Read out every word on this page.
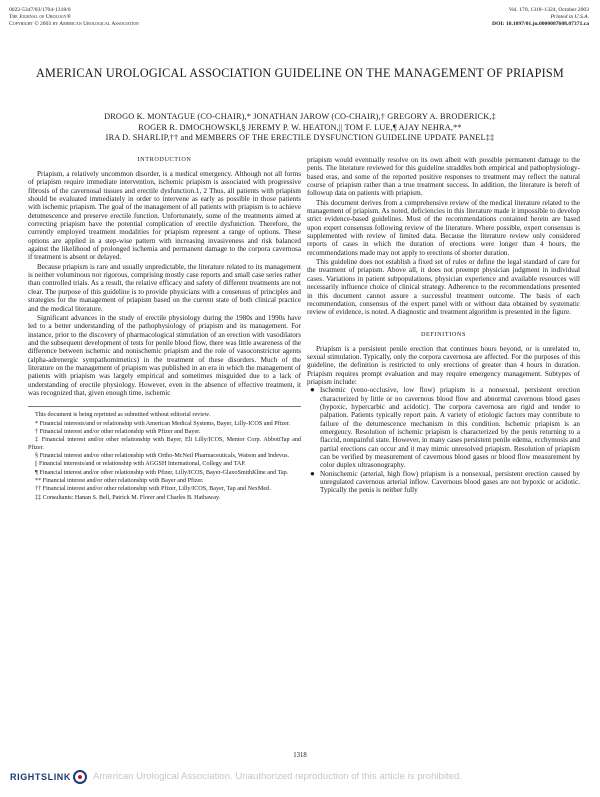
0022-5347/03/1704-1318/0
The Journal of Urology®
Copyright © 2003 by American Urological Association
Vol. 170, 1318–1324, October 2003
Printed in U.S.A.
DOI: 10.1097/01.ju.0000087608.07371.ca
AMERICAN UROLOGICAL ASSOCIATION GUIDELINE ON THE MANAGEMENT OF PRIAPISM
DROGO K. MONTAGUE (CO-CHAIR),* JONATHAN JAROW (CO-CHAIR),† GREGORY A. BRODERICK,‡
ROGER R. DMOCHOWSKI,§ JEREMY P. W. HEATON,|| TOM F. LUE,¶ AJAY NEHRA,**
IRA D. SHARLIP,†† and MEMBERS OF THE ERECTILE DYSFUNCTION GUIDELINE UPDATE PANEL‡‡
INTRODUCTION

Priapism, a relatively uncommon disorder, is a medical emergency. Although not all forms of priapism require immediate intervention, ischemic priapism is associated with progressive fibrosis of the cavernosal tissues and erectile dysfunction.1, 2 Thus, all patients with priapism should be evaluated immediately in order to intervene as early as possible in those patients with ischemic priapism. The goal of the management of all patients with priapism is to achieve detumescence and preserve erectile function. Unfortunately, some of the treatments aimed at correcting priapism have the potential complication of erectile dysfunction. Therefore, the currently employed treatment modalities for priapism represent a range of options. These options are applied in a step-wise pattern with increasing invasiveness and risk balanced against the likelihood of prolonged ischemia and permanent damage to the corpora cavernosa if treatment is absent or delayed.

Because priapism is rare and usually unpredictable, the literature related to its management is neither voluminous nor rigorous, comprising mostly case reports and small case series rather than controlled trials. As a result, the relative efficacy and safety of different treatments are not clear. The purpose of this guideline is to provide physicians with a consensus of principles and strategies for the management of priapism based on the current state of both clinical practice and the medical literature.

Significant advances in the study of erectile physiology during the 1980s and 1990s have led to a better understanding of the pathophysiology of priapism and its management. For instance, prior to the discovery of pharmacological stimulation of an erection with vasodilators and the subsequent development of tests for penile blood flow, there was little awareness of the difference between ischemic and nonischemic priapism and the role of vasoconstrictor agents (alpha-adrenergic sympathomimetics) in the treatment of these disorders. Much of the literature on the management of priapism was published in an era in which the management of patients with priapism was largely empirical and sometimes misguided due to a lack of understanding of erectile physiology. However, even in the absence of effective treatment, it was recognized that, given enough time, ischemic

This document is being reprinted as submitted without editorial review.

* Financial interests/and or relationship with American Medical Systems, Bayer, Lilly-ICOS and Pfizer.

† Financial interest and/or other relationship with Pfizer and Bayer.

‡ Financial interest and/or other relationship with Bayer, Eli Lilly/ICOS, Mentor Corp. AbbottTap and Pfizer.

§ Financial interest and/or other relationship with Ortho-McNeil Pharmaceuticals, Watson and Indevus.

|| Financial interests/and or relationship with AGGSH International, Collegy and TAP.

¶ Financial interest and/or other relationship with Pfizer, Lilly/ICOS, Bayer-GlaxoSmithKline and Tap.

** Financial interest and/or other relationship with Bayer and Pfizer.

†† Financial interest and/or other relationship with Pfizer, Lilly/ICOS, Bayer, Tap and NexMed.

‡‡ Consultants: Hanan S. Bell, Patrick M. Florer and Charles B. Hathaway.

priapism would eventually resolve on its own albeit with possible permanent damage to the penis. The literature reviewed for this guideline straddles both empirical and pathophysiology-based eras, and some of the reported positive responses to treatment may reflect the natural course of priapism rather than a true treatment success. In addition, the literature is bereft of followup data on patients with priapism.

This document derives from a comprehensive review of the medical literature related to the management of priapism. As noted, deficiencies in this literature made it impossible to develop strict evidence-based guidelines. Most of the recommendations contained herein are based upon expert consensus following review of the literature. Where possible, expert consensus is supplemented with review of limited data. Because the literature review only considered reports of cases in which the duration of erections were longer than 4 hours, the recommendations made may not apply to erections of shorter duration.

This guideline does not establish a fixed set of rules or define the legal standard of care for the treatment of priapism. Above all, it does not preempt physician judgment in individual cases. Variations in patient subpopulations, physician experience and available resources will necessarily influence choice of clinical strategy. Adherence to the recommendations presented in this document cannot assure a successful treatment outcome. The basis of each recommendation, consensus of the expert panel with or without data obtained by systematic review of evidence, is noted. A diagnostic and treatment algorithm is presented in the figure.

DEFINITIONS

Priapism is a persistent penile erection that continues hours beyond, or is unrelated to, sexual stimulation. Typically, only the corpora cavernosa are affected. For the purposes of this guideline, the definition is restricted to only erections of greater than 4 hours in duration. Priapism requires prompt evaluation and may require emergency management. Subtypes of priapism include:

● Ischemic (veno-occlusive, low flow) priapism is a nonsexual, persistent erection characterized by little or no cavernous blood flow and abnormal cavernous blood gases (hypoxic, hypercarbic and acidotic). The corpora cavernosa are rigid and tender to palpation. Patients typically report pain. A variety of etiologic factors may contribute to failure of the detumescence mechanism in this condition. Ischemic priapism is an emergency. Resolution of ischemic priapism is characterized by the penis returning to a flaccid, nonpainful state. However, in many cases persistent penile edema, ecchymosis and partial erections can occur and it may mimic unresolved priapism. Resolution of priapism can be verified by measurement of cavernous blood gases or blood flow measurement by color duplex ultrasonography.
● Nonischemic (arterial, high flow) priapism is a nonsexual, persistent erection caused by unregulated cavernous arterial inflow. Cavernous blood gases are not hypoxic or acidotic. Typically the penis is neither fully
1318
RIGHTSLINK American Urological Association. Unauthorized reproduction of this article is prohibited.
